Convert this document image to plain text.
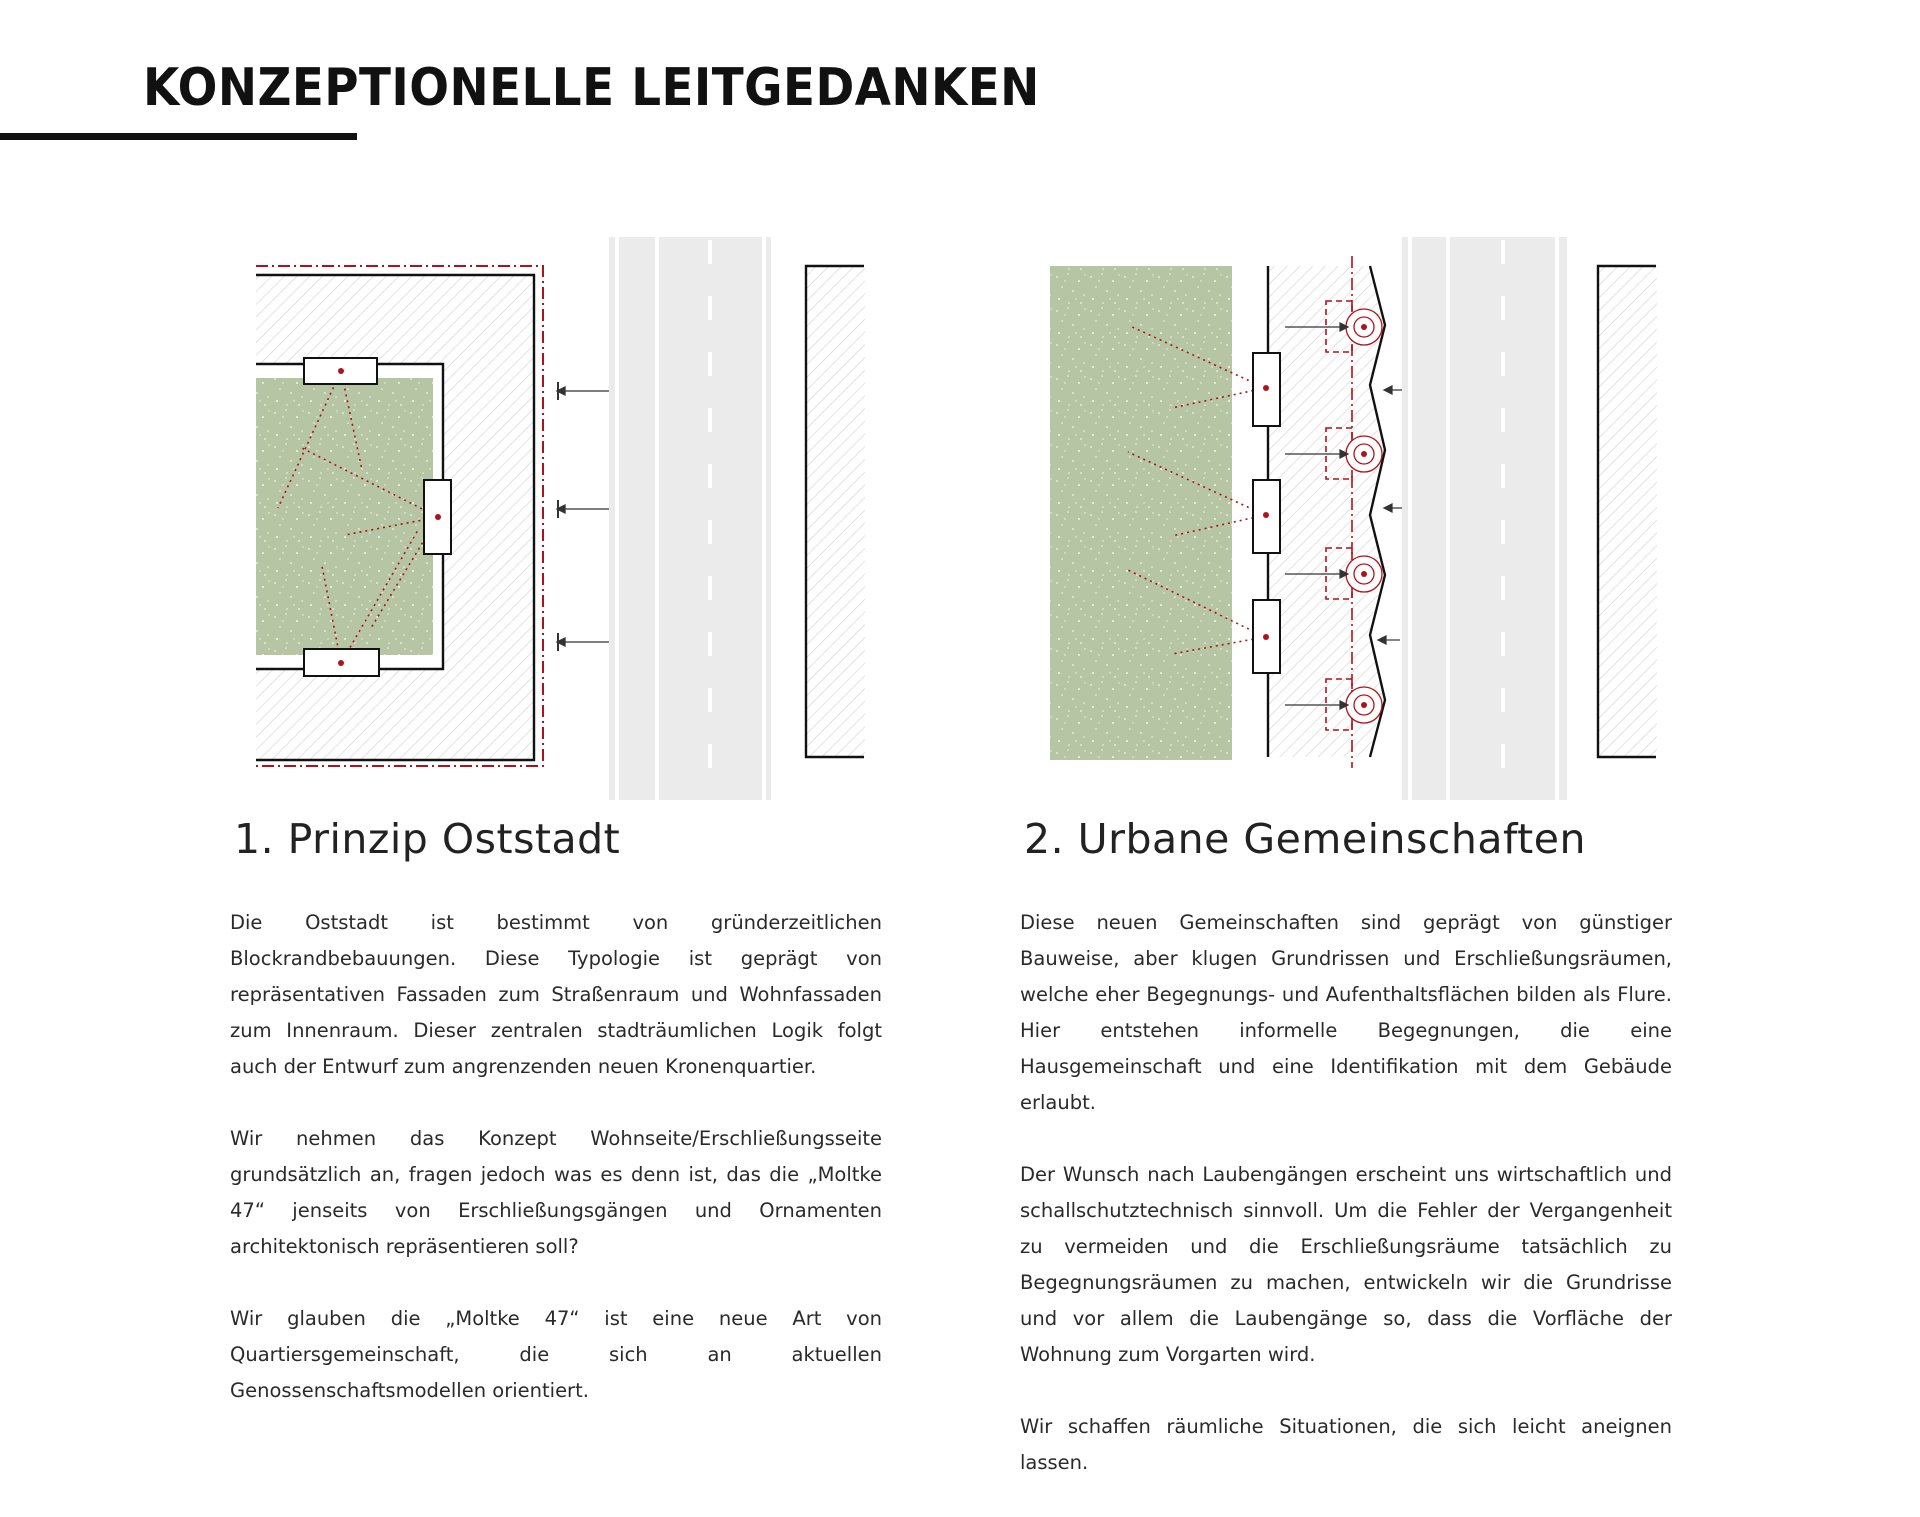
KONZEPTIONELLE LEITGEDANKEN
1. Prinzip Oststadt

Die Oststadt ist bestimmt von gründerzeitlichen Blockrandbebauungen. Diese Typologie ist geprägt von repräsentativen Fassaden zum Straßenraum und Wohnfassaden zum Innenraum. Dieser zentralen stadträumlichen Logik folgt auch der Entwurf zum angrenzenden neuen Kronenquartier.

Wir nehmen das Konzept Wohnseite/Erschließungsseite grundsätzlich an, fragen jedoch was es denn ist, das die „Moltke 47“ jenseits von Erschließungsgängen und Ornamenten architektonisch repräsentieren soll?

Wir glauben die „Moltke 47“ ist eine neue Art von Quartiersgemeinschaft, die sich an aktuellen Genossenschaftsmodellen orientiert.

2. Urbane Gemeinschaften

Diese neuen Gemeinschaften sind geprägt von günstiger Bauweise, aber klugen Grundrissen und Erschließungsräumen, welche eher Begegnungs- und Aufenthaltsflächen bilden als Flure. Hier entstehen informelle Begegnungen, die eine Hausgemeinschaft und eine Identifikation mit dem Gebäude erlaubt.

Der Wunsch nach Laubengängen erscheint uns wirtschaftlich und schallschutztechnisch sinnvoll. Um die Fehler der Vergangenheit zu vermeiden und die Erschließungsräume tatsächlich zu Begegnungsräumen zu machen, entwickeln wir die Grundrisse und vor allem die Laubengänge so, dass die Vorfläche der Wohnung zum Vorgarten wird.

Wir schaffen räumliche Situationen, die sich leicht aneignen lassen.
